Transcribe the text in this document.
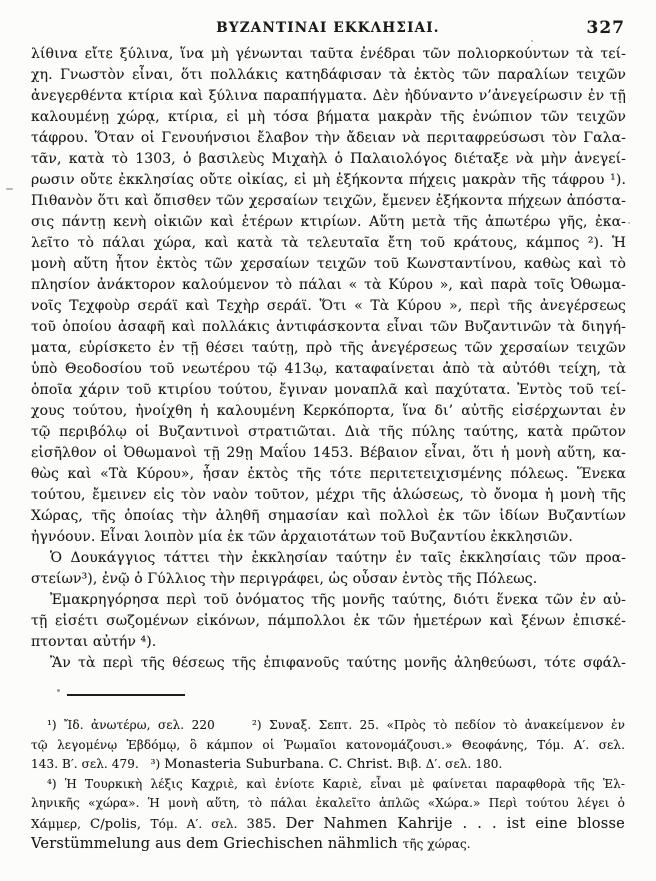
ΒΥΖΑΝΤΙΝΑΙ ΕΚΚΛΗΣΙΑΙ.	327
λίθινα εἴτε ξύλινα, ἵνα μὴ γένωνται ταῦτα ἐνέδραι τῶν πολιορκούντων τὰ τεί-
χη. Γνωστὸν εἶναι, ὅτι πολλάκις κατηδάφισαν τὰ ἐκτὸς τῶν παραλίων τειχῶν
ἀνεγερθέντα κτίρια καὶ ξύλινα παραπήγματα. Δὲν ἠδύναντο ν’ἀνεγείρωσιν ἐν τῇ
καλουμένῃ χώρᾳ, κτίρια, εἰ μὴ τόσα βήματα μακρὰν τῆς ἐνώπιον τῶν τειχῶν
τάφρου. Ὅταν οἱ Γενουήνσιοι ἔλαβον τὴν ἄδειαν νὰ περιταφρεύσωσι τὸν Γαλα-
τᾶν, κατὰ τὸ 1303, ὁ βασιλεὺς Μιχαὴλ ὁ Παλαιολόγος διέταξε νὰ μὴν ἀνεγεί-
ρωσιν οὔτε ἐκκλησίας οὔτε οἰκίας, εἰ μὴ ἑξήκοντα πήχεις μακρὰν τῆς τάφρου ¹).
Πιθανὸν ὅτι καὶ ὄπισθεν τῶν χερσαίων τειχῶν, ἔμενεν ἑξήκοντα πήχεων ἀπόστα-
σις πάντῃ κενὴ οἰκιῶν καὶ ἑτέρων κτιρίων. Αὕτη μετὰ τῆς ἀπωτέρω γῆς, ἐκα-
λεῖτο τὸ πάλαι χώρα, καὶ κατὰ τὰ τελευταῖα ἔτη τοῦ κράτους, κάμπος ²). Ἡ
μονὴ αὕτη ἦτον ἐκτὸς τῶν χερσαίων τειχῶν τοῦ Κωνσταντίνου, καθὼς καὶ τὸ
πλησίον ἀνάκτορον καλούμενον τὸ πάλαι « τὰ Κύρου », καὶ παρὰ τοῖς Ὀθωμα-
νοῖς Τεχφοὺρ σεράϊ καὶ Τεχὴρ σεράϊ. Ὅτι « Τὰ Κύρου », περὶ τῆς ἀνεγέρσεως
τοῦ ὁποίου ἀσαφῆ καὶ πολλάκις ἀντιφάσκοντα εἶναι τῶν Βυζαντινῶν τὰ διηγή-
ματα, εὑρίσκετο ἐν τῇ θέσει ταύτῃ, πρὸ τῆς ἀνεγέρσεως τῶν χερσαίων τειχῶν
ὑπὸ Θεοδοσίου τοῦ νεωτέρου τῷ 413ῳ, καταφαίνεται ἀπὸ τὰ αὐτόθι τείχη, τὰ
ὁποῖα χάριν τοῦ κτιρίου τούτου, ἔγιναν μοναπλᾶ καὶ παχύτατα. Ἐντὸς τοῦ τεί-
χους τούτου, ἠνοίχθη ἡ καλουμένη Κερκόπορτα, ἵνα δι’ αὐτῆς εἰσέρχωνται ἐν
τῷ περιβόλῳ οἱ Βυζαντινοὶ στρατιῶται. Διὰ τῆς πύλης ταύτης, κατὰ πρῶτον
εἰσῆλθον οἱ Ὀθωμανοὶ τῇ 29ῃ Μαΐου 1453. Βέβαιον εἶναι, ὅτι ἡ μονὴ αὕτη, κα-
θὼς καὶ «Τὰ Κύρου», ἦσαν ἐκτὸς τῆς τότε περιτετειχισμένης πόλεως. Ἕνεκα
τούτου, ἔμεινεν εἰς τὸν ναὸν τοῦτον, μέχρι τῆς ἁλώσεως, τὸ ὄνομα ἡ μονὴ τῆς
Χώρας, τῆς ὁποίας τὴν ἀληθῆ σημασίαν καὶ πολλοὶ ἐκ τῶν ἰδίων Βυζαντίων
ἠγνόουν. Εἶναι λοιπὸν μία ἐκ τῶν ἀρχαιοτάτων τοῦ Βυζαντίου ἐκκλησιῶν.
Ὁ Δουκάγγιος τάττει τὴν ἐκκλησίαν ταύτην ἐν ταῖς ἐκκλησίαις τῶν προα-
στείων³), ἐνῷ ὁ Γύλλιος τὴν περιγράφει, ὡς οὖσαν ἐντὸς τῆς Πόλεως.
Ἐμακρηγόρησα περὶ τοῦ ὀνόματος τῆς μονῆς ταύτης, διότι ἕνεκα τῶν ἐν αὐ-
τῇ εἰσέτι σωζομένων εἰκόνων, πάμπολλοι ἐκ τῶν ἡμετέρων καὶ ξένων ἐπισκέ-
πτονται αὐτήν ⁴).
Ἂν τὰ περὶ τῆς θέσεως τῆς ἐπιφανοῦς ταύτης μονῆς ἀληθεύωσι, τότε σφάλ-
¹) Ἴδ. ἀνωτέρω, σελ. 220     ²) Συναξ. Σεπτ. 25. «Πρὸς τὸ πεδίον τὸ ἀνακείμενον ἐν
τῷ λεγομένῳ Ἑβδόμῳ, ὃ κάμπον οἱ Ῥωμαῖοι κατονομάζουσι.» Θεοφάνης, Τόμ. Α′. σελ.
143. Β′. σελ. 479.   ³) Monasteria Suburbana. C. Christ. Βιβ. Δ′. σελ. 180.
⁴) Ἡ Τουρκικὴ λέξις Καχριὲ, καὶ ἐνίοτε Καριὲ, εἶναι μὲ φαίνεται παραφθορὰ τῆς Ἑλ-
ληνικῆς «χώρα». Ἡ μονὴ αὕτη, τὸ πάλαι ἐκαλεῖτο ἁπλῶς «Χώρα.» Περὶ τούτου λέγει ὁ
Χάμμερ, C/polis, Τόμ. Α′. σελ. 385. Der Nahmen Kahrije . . . ist eine blosse
Verstümmelung aus dem Griechischen nähmlich τῆς χώρας.
